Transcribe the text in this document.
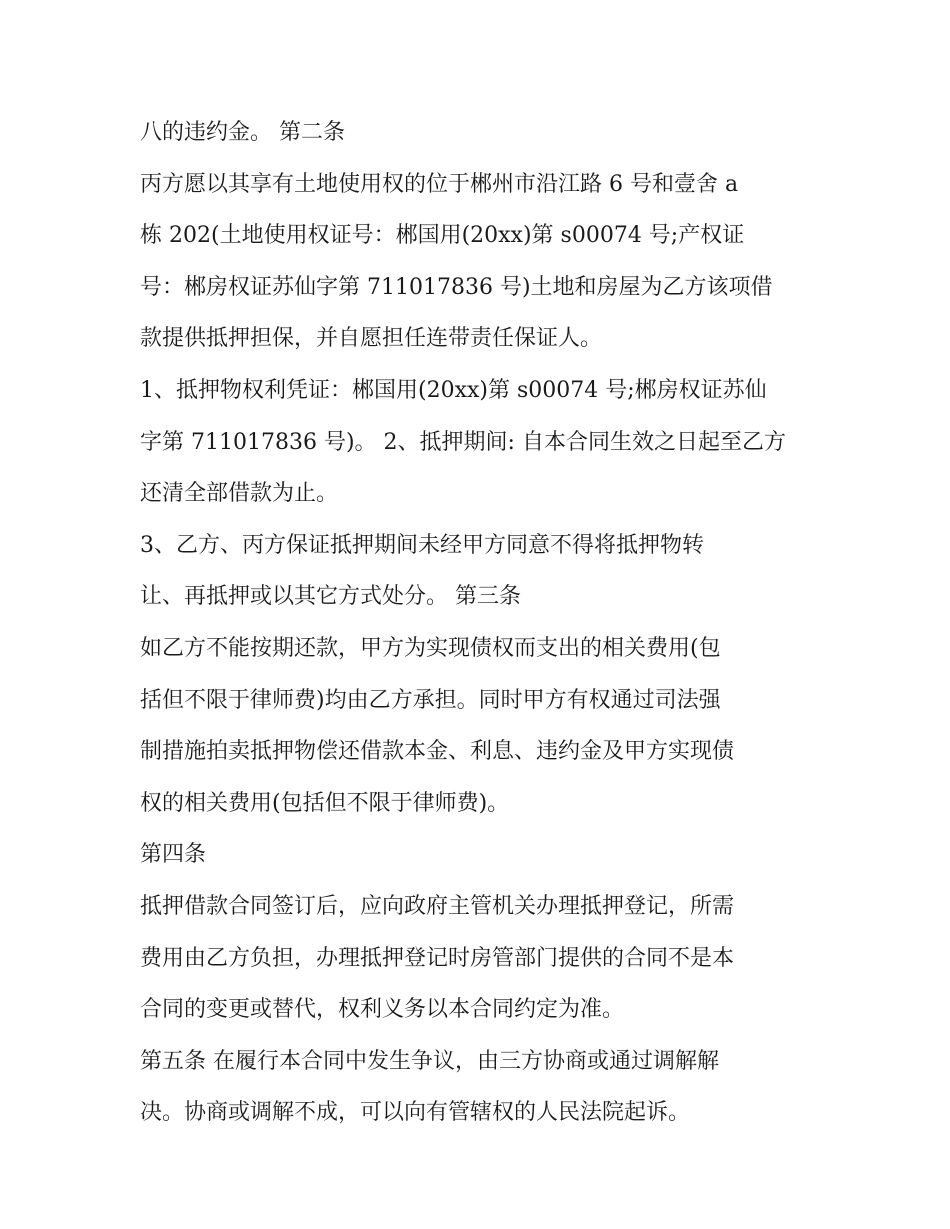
八的违约金。 第二条
丙方愿以其享有土地使用权的位于郴州市沿江路 6 号和壹舍 a
栋 202(土地使用权证号：郴国用(20xx)第 s00074 号;产权证
号：郴房权证苏仙字第 711017836 号)土地和房屋为乙方该项借
款提供抵押担保，并自愿担任连带责任保证人。
1、抵押物权利凭证：郴国用(20xx)第 s00074 号;郴房权证苏仙
字第 711017836 号)。 2、抵押期间: 自本合同生效之日起至乙方
还清全部借款为止。
3、乙方、丙方保证抵押期间未经甲方同意不得将抵押物转
让、再抵押或以其它方式处分。 第三条
如乙方不能按期还款，甲方为实现债权而支出的相关费用(包
括但不限于律师费)均由乙方承担。同时甲方有权通过司法强
制措施拍卖抵押物偿还借款本金、利息、违约金及甲方实现债
权的相关费用(包括但不限于律师费)。
第四条
抵押借款合同签订后，应向政府主管机关办理抵押登记，所需
费用由乙方负担，办理抵押登记时房管部门提供的合同不是本
合同的变更或替代，权利义务以本合同约定为准。
第五条 在履行本合同中发生争议，由三方协商或通过调解解
决。协商或调解不成，可以向有管辖权的人民法院起诉。
